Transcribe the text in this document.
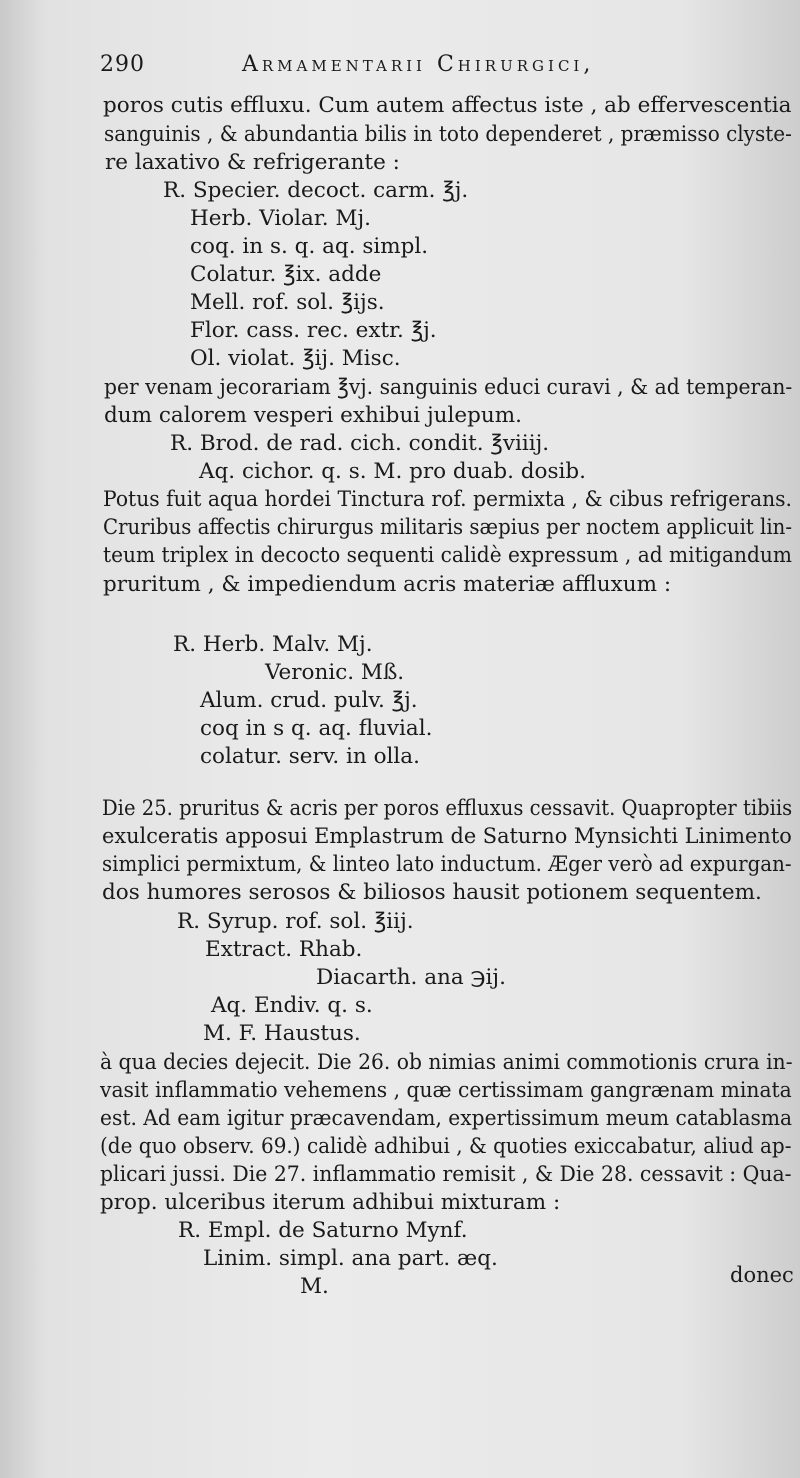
290	Armamentarii Chirurgici,
poros cutis effluxu. Cum autem affectus iste , ab effervescentia
sanguinis , & abundantia bilis in toto dependeret , præmisso clyste-
re laxativo & refrigerante :
R. Specier. decoct. carm. ℥j.
Herb. Violar. Mj.
coq. in s. q. aq. simpl.
Colatur. ℥ix. adde
Mell. rof. sol. ℥ijs.
Flor. cass. rec. extr. ℥j.
Ol. violat. ℥ij. Misc.
per venam jecorariam ℥vj. sanguinis educi curavi , & ad temperan-
dum calorem vesperi exhibui julepum.
R. Brod. de rad. cich. condit. ℥viiij.
Aq. cichor. q. s. M. pro duab. dosib.
Potus fuit aqua hordei Tinctura rof. permixta , & cibus refrigerans.
Cruribus affectis chirurgus militaris sæpius per noctem applicuit lin-
teum triplex in decocto sequenti calidè expressum , ad mitigandum
pruritum , & impediendum acris materiæ affluxum :
R. Herb. Malv. Mj.
Veronic. Mß.
Alum. crud. pulv. ℥j.
coq in s q. aq. fluvial.
colatur. serv. in olla.
Die 25. pruritus & acris per poros effluxus cessavit. Quapropter tibiis
exulceratis apposui Emplastrum de Saturno Mynsichti Linimento
simplici permixtum, & linteo lato inductum. Æger verò ad expurgan-
dos humores serosos & biliosos hausit potionem sequentem.
R. Syrup. rof. sol. ℥iij.
Extract. Rhab.
Diacarth. ana ℈ij.
Aq. Endiv. q. s.
M. F. Haustus.
à qua decies dejecit. Die 26. ob nimias animi commotionis crura in-
vasit inflammatio vehemens , quæ certissimam gangrænam minata
est. Ad eam igitur præcavendam, expertissimum meum catablasma
(de quo observ. 69.) calidè adhibui , & quoties exiccabatur, aliud ap-
plicari jussi. Die 27. inflammatio remisit , & Die 28. cessavit : Qua-
prop. ulceribus iterum adhibui mixturam :
R. Empl. de Saturno Mynf.
Linim. simpl. ana part. æq.
M.	donec
